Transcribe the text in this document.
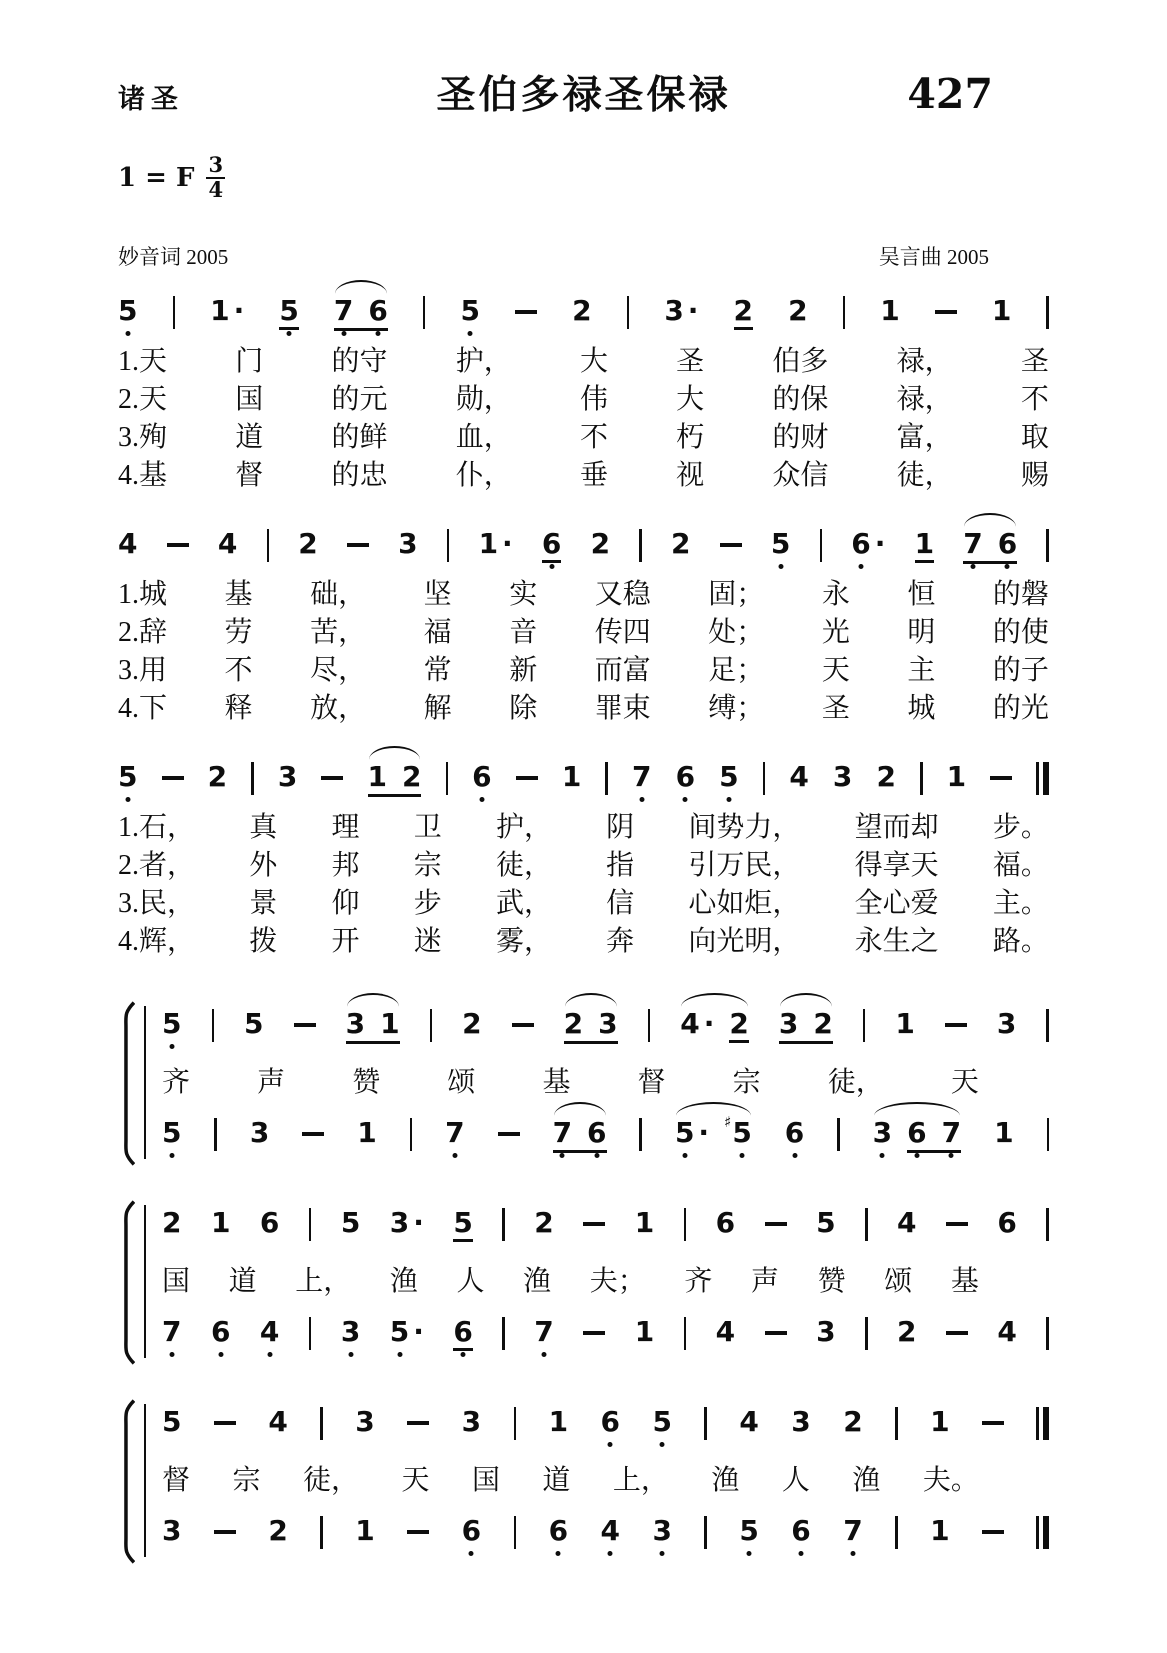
诸圣	圣伯多禄圣保禄	427
1 = F $\frac{3}{4}$
妙音词 2005	吴言曲 2005
5	1 · 5 7 6	5	2	3 · 2 2	1	1
1.天 门 的守 护， 大 圣 伯多 禄， 圣
2.天 国 的元 勋， 伟 大 的保 禄， 不
3.殉 道 的鲜 血， 不 朽 的财 富， 取
4.基 督 的忠 仆， 垂 视 众信 徒， 赐
4	4 2	3 1 · 6 2 2	5 6 · 1 7 6
1.城 基 础， 坚 实 又稳 固； 永 恒 的磐
2.辞 劳 苦， 福 音 传四 处； 光 明 的使
3.用 不 尽， 常 新 而富 足； 天 主 的子
4.下 释 放， 解 除 罪束 缚； 圣 城 的光
5	2 3	1 2 6	1 7 6 5 4 3 2 1
1.石， 真 理 卫 护， 阴 间势力， 望而却 步。
2.者， 外 邦 宗 徒， 指 引万民， 得享天 福。
3.民， 景 仰 步 武， 信 心如炬， 全心爱 主。
4.辉， 拨 开 迷 雾， 奔 向光明， 永生之 路。
5 5	3 1 2	2 3 4 · 2 3 2 1	3
齐 声 赞 颂 基 督 宗 徒， 天
5 3	1 7	7 6 5 · ♯ 5 6 3 6 7 1
2 1 6 5 3 · 5 2	1 6	5 4	6
国 道 上， 渔 人 渔 夫； 齐 声 赞 颂 基
7 6 4 3 5 · 6 7	1 4	3 2	4
5	4 3	3 1 6 5 4 3 2 1
督 宗 徒， 天 国 道 上， 渔 人 渔 夫。
3	2 1	6 6 4 3 5 6 7 1
